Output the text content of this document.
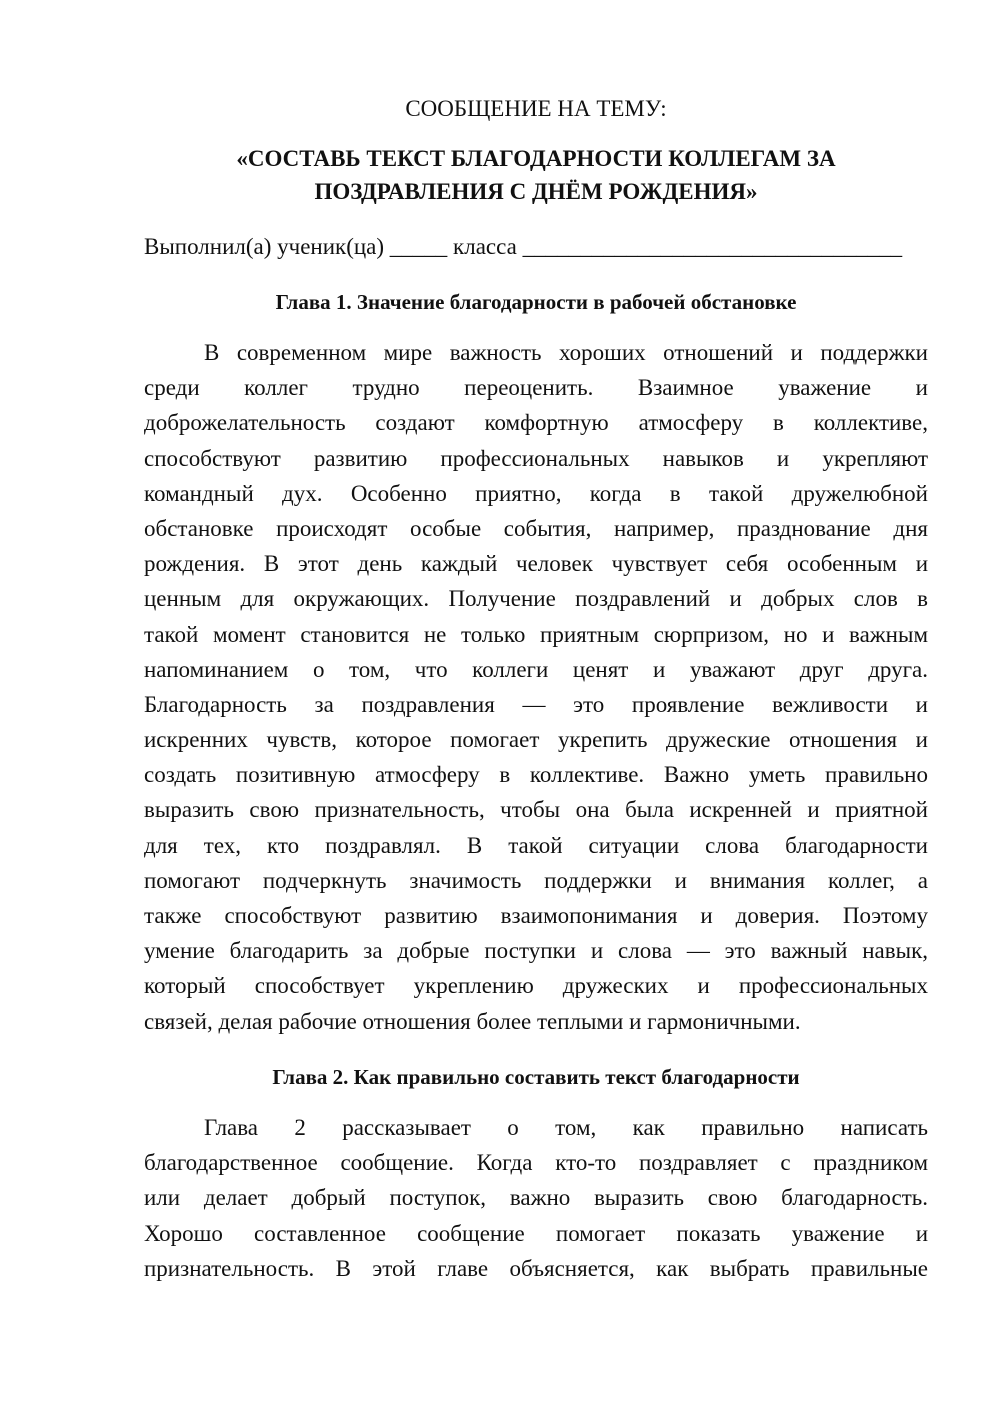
СООБЩЕНИЕ НА ТЕМУ:
«СОСТАВЬ ТЕКСТ БЛАГОДАРНОСТИ КОЛЛЕГАМ ЗА
ПОЗДРАВЛЕНИЯ С ДНЁМ РОЖДЕНИЯ»
Выполнил(а) ученик(ца) _____ класса _________________________________
Глава 1. Значение благодарности в рабочей обстановке
В современном мире важность хороших отношений и поддержки
среди коллег трудно переоценить. Взаимное уважение и
доброжелательность создают комфортную атмосферу в коллективе,
способствуют развитию профессиональных навыков и укрепляют
командный дух. Особенно приятно, когда в такой дружелюбной
обстановке происходят особые события, например, празднование дня
рождения. В этот день каждый человек чувствует себя особенным и
ценным для окружающих. Получение поздравлений и добрых слов в
такой момент становится не только приятным сюрпризом, но и важным
напоминанием о том, что коллеги ценят и уважают друг друга.
Благодарность за поздравления — это проявление вежливости и
искренних чувств, которое помогает укрепить дружеские отношения и
создать позитивную атмосферу в коллективе. Важно уметь правильно
выразить свою признательность, чтобы она была искренней и приятной
для тех, кто поздравлял. В такой ситуации слова благодарности
помогают подчеркнуть значимость поддержки и внимания коллег, а
также способствуют развитию взаимопонимания и доверия. Поэтому
умение благодарить за добрые поступки и слова — это важный навык,
который способствует укреплению дружеских и профессиональных
связей, делая рабочие отношения более теплыми и гармоничными.
Глава 2. Как правильно составить текст благодарности
Глава 2 рассказывает о том, как правильно написать
благодарственное сообщение. Когда кто-то поздравляет с праздником
или делает добрый поступок, важно выразить свою благодарность.
Хорошо составленное сообщение помогает показать уважение и
признательность. В этой главе объясняется, как выбрать правильные
